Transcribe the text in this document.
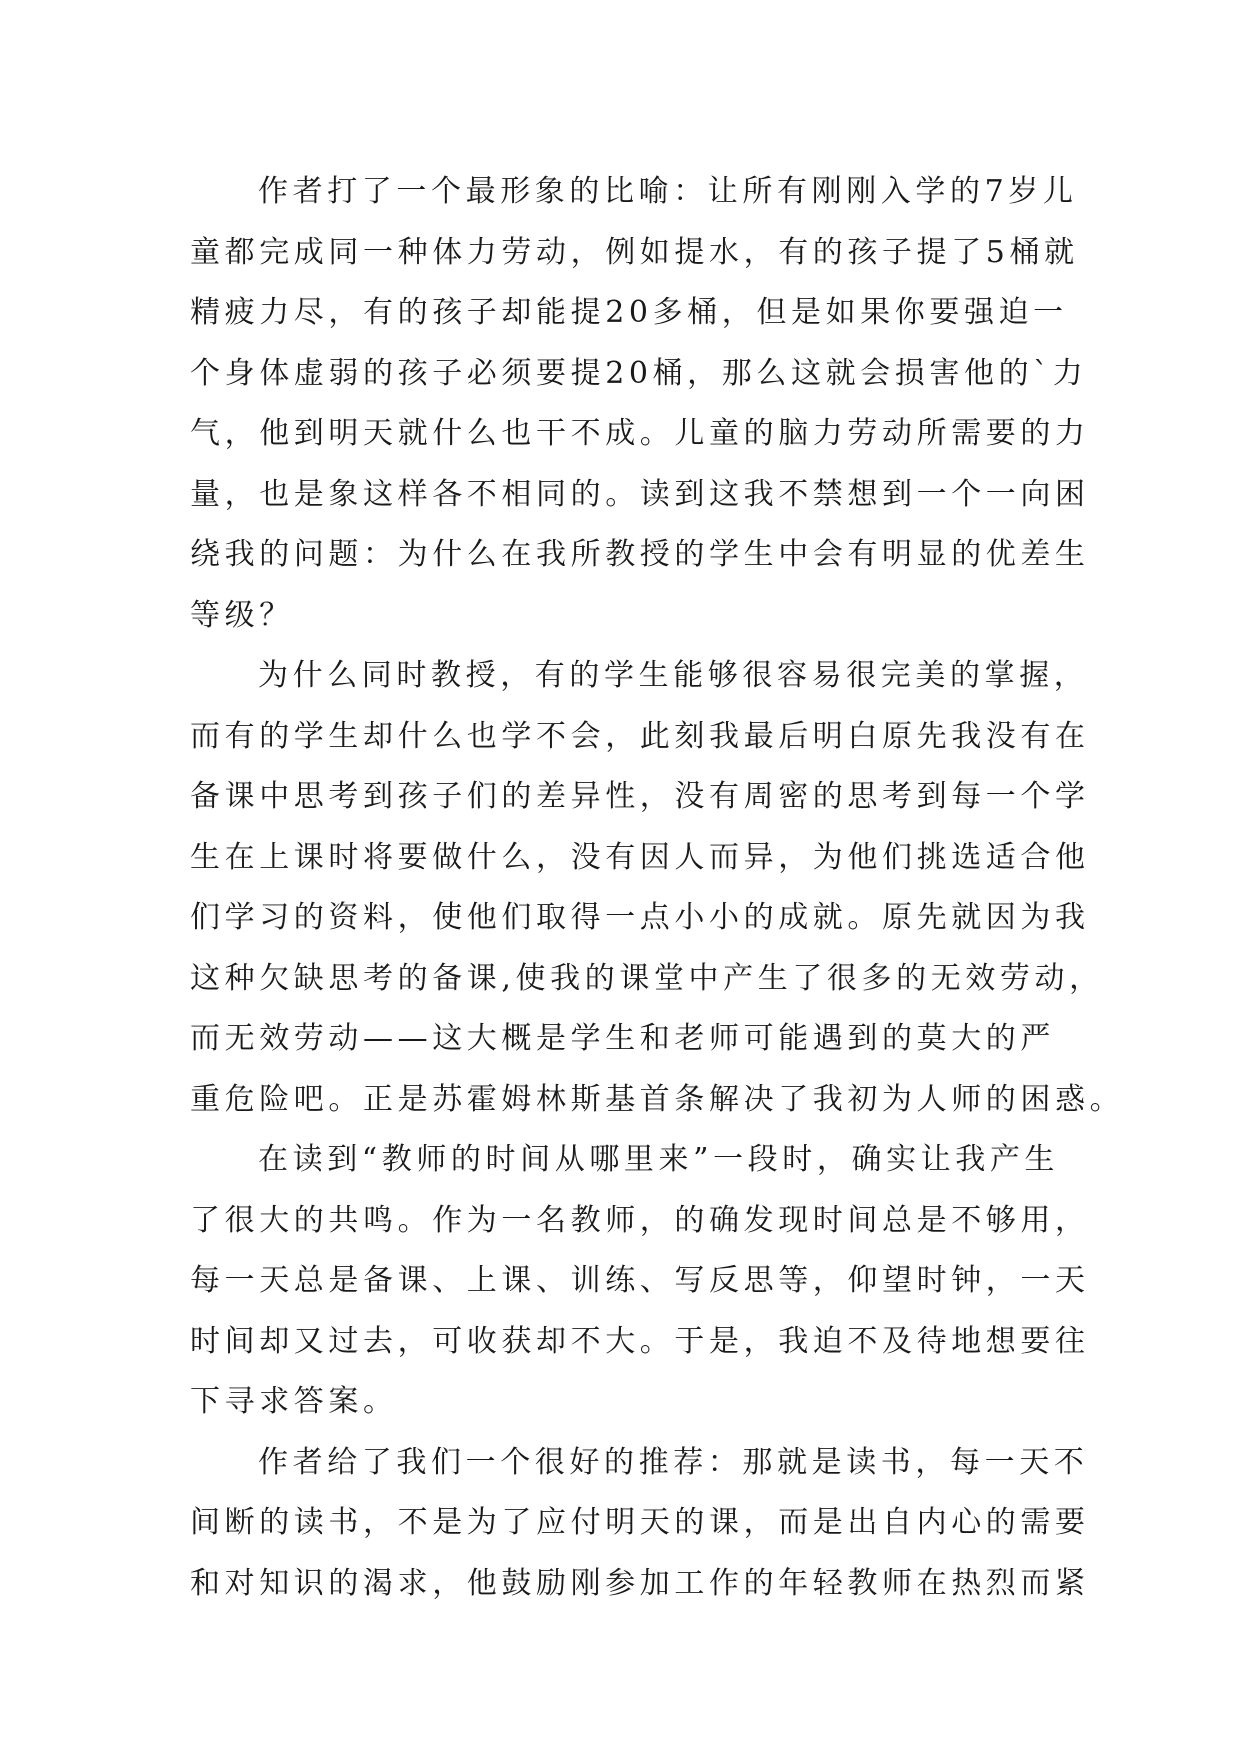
作者打了一个最形象的比喻：让所有刚刚入学的7岁儿
童都完成同一种体力劳动，例如提水，有的孩子提了5桶就
精疲力尽，有的孩子却能提20多桶，但是如果你要强迫一
个身体虚弱的孩子必须要提20桶，那么这就会损害他的`力
气，他到明天就什么也干不成。儿童的脑力劳动所需要的力
量，也是象这样各不相同的。读到这我不禁想到一个一向困
绕我的问题：为什么在我所教授的学生中会有明显的优差生
等级？
为什么同时教授，有的学生能够很容易很完美的掌握，
而有的学生却什么也学不会，此刻我最后明白原先我没有在
备课中思考到孩子们的差异性，没有周密的思考到每一个学
生在上课时将要做什么，没有因人而异，为他们挑选适合他
们学习的资料，使他们取得一点小小的成就。原先就因为我
这种欠缺思考的备课,使我的课堂中产生了很多的无效劳动，
而无效劳动——这大概是学生和老师可能遇到的莫大的严
重危险吧。正是苏霍姆林斯基首条解决了我初为人师的困惑。
在读到“教师的时间从哪里来”一段时，确实让我产生
了很大的共鸣。作为一名教师，的确发现时间总是不够用，
每一天总是备课、上课、训练、写反思等，仰望时钟，一天
时间却又过去，可收获却不大。于是，我迫不及待地想要往
下寻求答案。
作者给了我们一个很好的推荐：那就是读书，每一天不
间断的读书，不是为了应付明天的课，而是出自内心的需要
和对知识的渴求，他鼓励刚参加工作的年轻教师在热烈而紧
